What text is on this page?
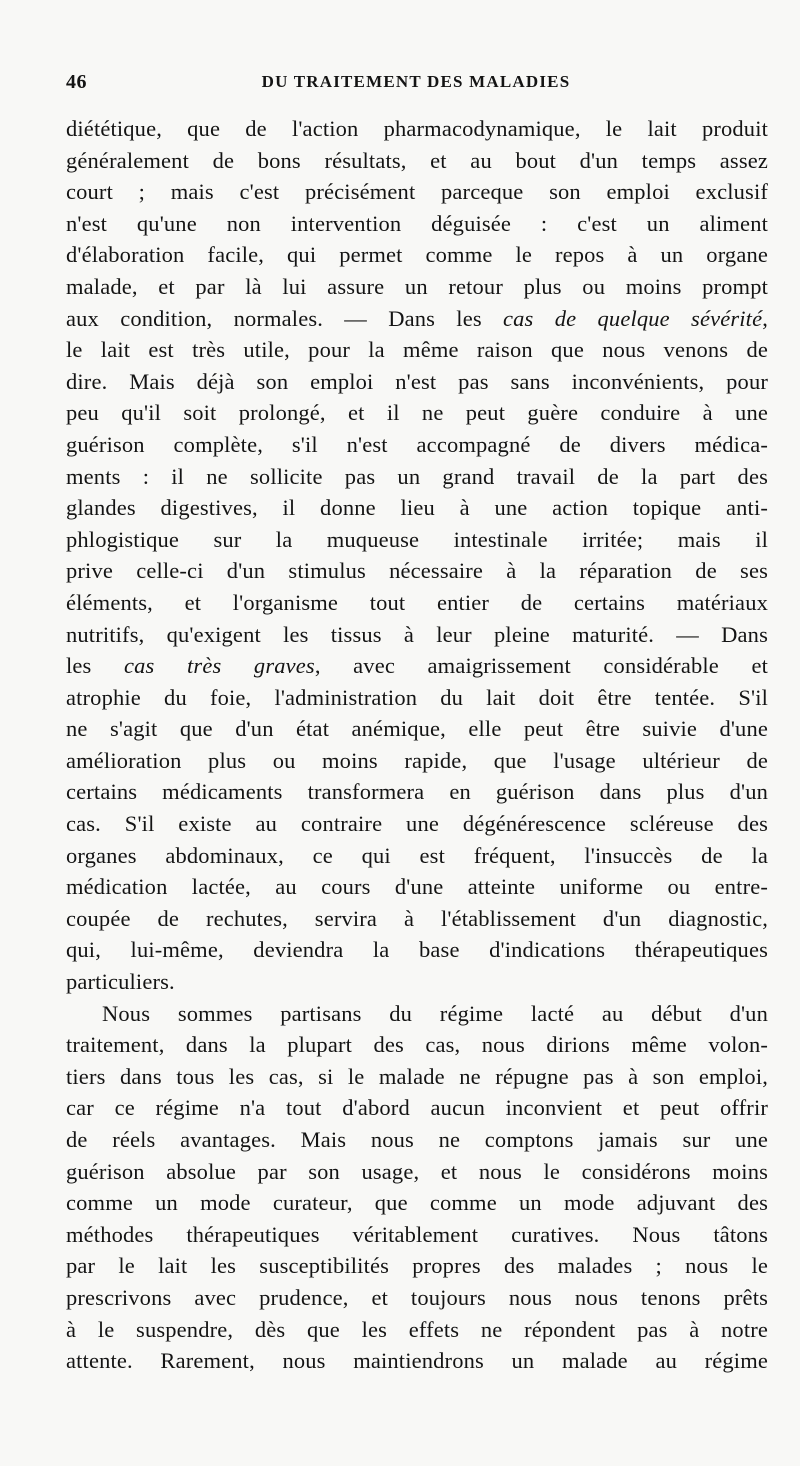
46	DU TRAITEMENT DES MALADIES
diététique, que de l'action pharmacodynamique, le lait produit
généralement de bons résultats, et au bout d'un temps assez
court ; mais c'est précisément parceque son emploi exclusif
n'est qu'une non intervention déguisée : c'est un aliment
d'élaboration facile, qui permet comme le repos à un organe
malade, et par là lui assure un retour plus ou moins prompt
aux condition, normales. — Dans les cas de quelque sévérité,
le lait est très utile, pour la même raison que nous venons de
dire. Mais déjà son emploi n'est pas sans inconvénients, pour
peu qu'il soit prolongé, et il ne peut guère conduire à une
guérison complète, s'il n'est accompagné de divers médica-
ments : il ne sollicite pas un grand travail de la part des
glandes digestives, il donne lieu à une action topique anti-
phlogistique sur la muqueuse intestinale irritée; mais il
prive celle-ci d'un stimulus nécessaire à la réparation de ses
éléments, et l'organisme tout entier de certains matériaux
nutritifs, qu'exigent les tissus à leur pleine maturité. — Dans
les cas très graves, avec amaigrissement considérable et
atrophie du foie, l'administration du lait doit être tentée. S'il
ne s'agit que d'un état anémique, elle peut être suivie d'une
amélioration plus ou moins rapide, que l'usage ultérieur de
certains médicaments transformera en guérison dans plus d'un
cas. S'il existe au contraire une dégénérescence scléreuse des
organes abdominaux, ce qui est fréquent, l'insuccès de la
médication lactée, au cours d'une atteinte uniforme ou entre-
coupée de rechutes, servira à l'établissement d'un diagnostic,
qui, lui-même, deviendra la base d'indications thérapeutiques
particuliers.
Nous sommes partisans du régime lacté au début d'un
traitement, dans la plupart des cas, nous dirions même volon-
tiers dans tous les cas, si le malade ne répugne pas à son emploi,
car ce régime n'a tout d'abord aucun inconvient et peut offrir
de réels avantages. Mais nous ne comptons jamais sur une
guérison absolue par son usage, et nous le considérons moins
comme un mode curateur, que comme un mode adjuvant des
méthodes thérapeutiques véritablement curatives. Nous tâtons
par le lait les susceptibilités propres des malades ; nous le
prescrivons avec prudence, et toujours nous nous tenons prêts
à le suspendre, dès que les effets ne répondent pas à notre
attente. Rarement, nous maintiendrons un malade au régime
